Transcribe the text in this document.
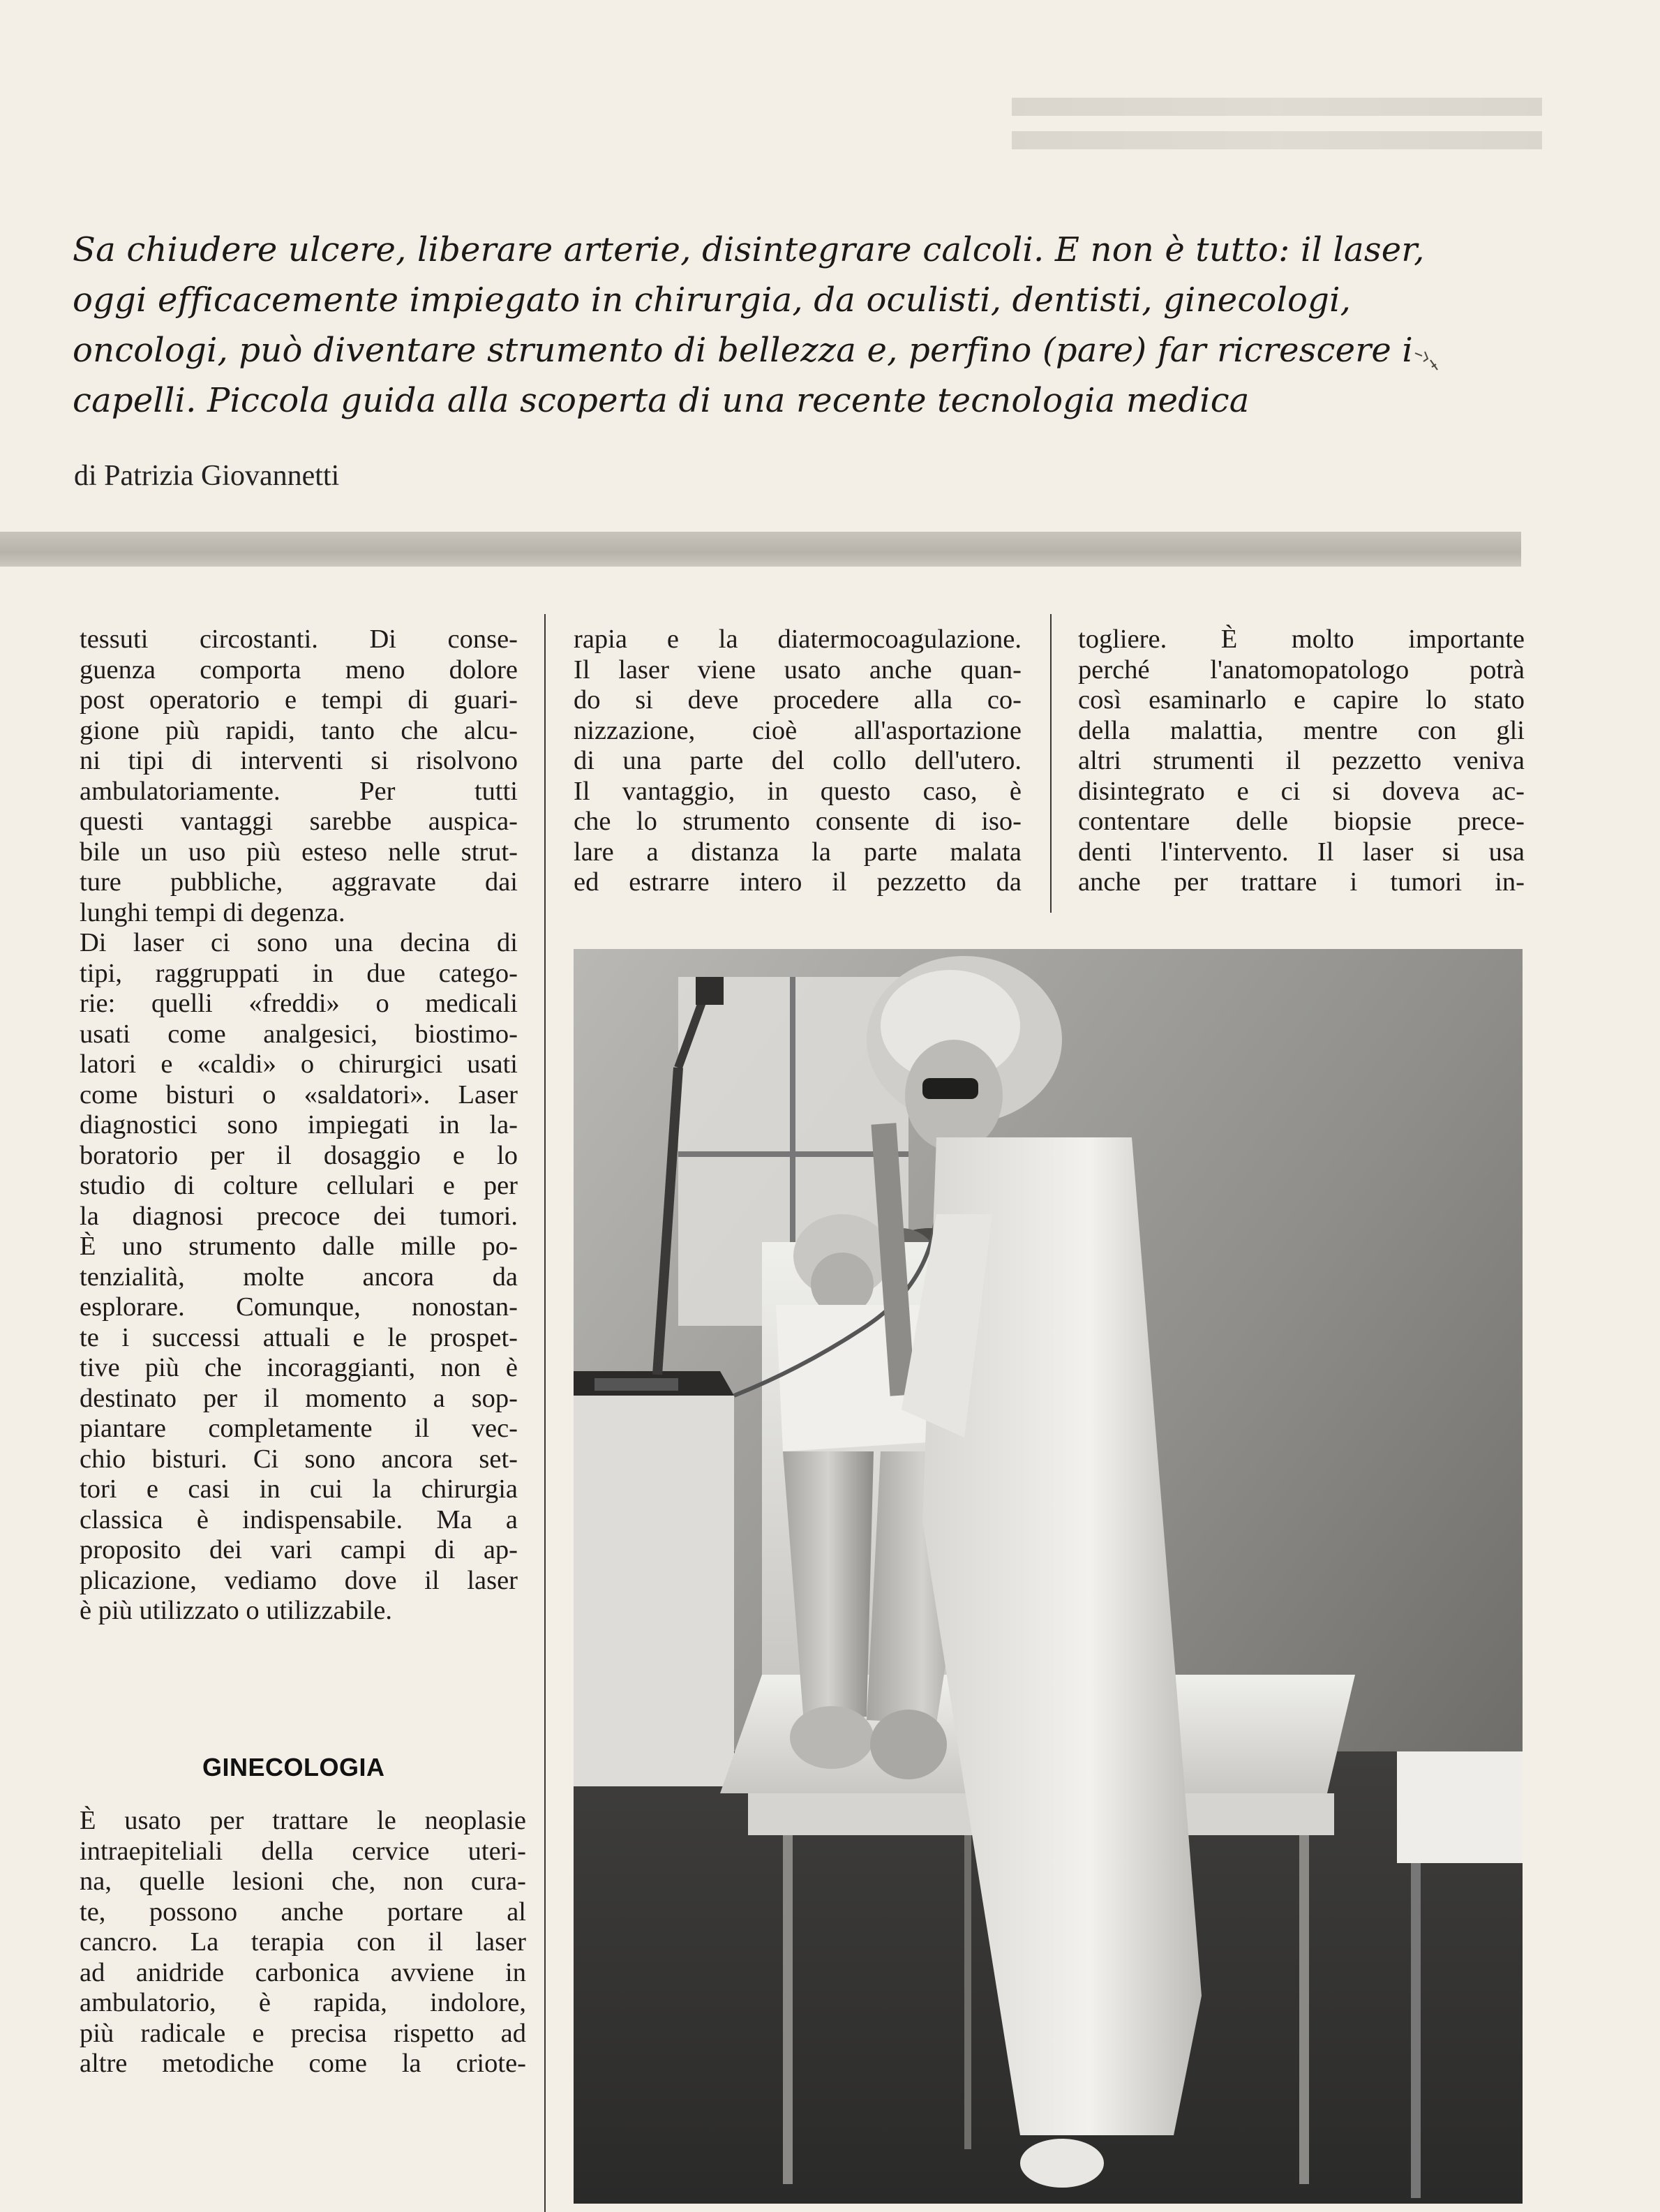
Sa chiudere ulcere, liberare arterie, disintegrare calcoli. E non è tutto: il laser,
oggi efficacemente impiegato in chirurgia, da oculisti, dentisti, ginecologi,
oncologi, può diventare strumento di bellezza e, perfino (pare) far ricrescere i
capelli. Piccola guida alla scoperta di una recente tecnologia medica
di Patrizia Giovannetti
tessuti circostanti. Di conse-
guenza comporta meno dolore
post operatorio e tempi di guari-
gione più rapidi, tanto che alcu-
ni tipi di interventi si risolvono
ambulatoriamente. Per tutti
questi vantaggi sarebbe auspica-
bile un uso più esteso nelle strut-
ture pubbliche, aggravate dai
lunghi tempi di degenza.
Di laser ci sono una decina di
tipi, raggruppati in due catego-
rie: quelli «freddi» o medicali
usati come analgesici, biostimo-
latori e «caldi» o chirurgici usati
come bisturi o «saldatori». Laser
diagnostici sono impiegati in la-
boratorio per il dosaggio e lo
studio di colture cellulari e per
la diagnosi precoce dei tumori.
È uno strumento dalle mille po-
tenzialità, molte ancora da
esplorare. Comunque, nonostan-
te i successi attuali e le prospet-
tive più che incoraggianti, non è
destinato per il momento a sop-
piantare completamente il vec-
chio bisturi. Ci sono ancora set-
tori e casi in cui la chirurgia
classica è indispensabile. Ma a
proposito dei vari campi di ap-
plicazione, vediamo dove il laser
è più utilizzato o utilizzabile.
GINECOLOGIA
È usato per trattare le neoplasie
intraepiteliali della cervice uteri-
na, quelle lesioni che, non cura-
te, possono anche portare al
cancro. La terapia con il laser
ad anidride carbonica avviene in
ambulatorio, è rapida, indolore,
più radicale e precisa rispetto ad
altre metodiche come la criote-
rapia e la diatermocoagulazione.
Il laser viene usato anche quan-
do si deve procedere alla co-
nizzazione, cioè all'asportazione
di una parte del collo dell'utero.
Il vantaggio, in questo caso, è
che lo strumento consente di iso-
lare a distanza la parte malata
ed estrarre intero il pezzetto da
togliere. È molto importante
perché l'anatomopatologo potrà
così esaminarlo e capire lo stato
della malattia, mentre con gli
altri strumenti il pezzetto veniva
disintegrato e ci si doveva ac-
contentare delle biopsie prece-
denti l'intervento. Il laser si usa
anche per trattare i tumori in-
